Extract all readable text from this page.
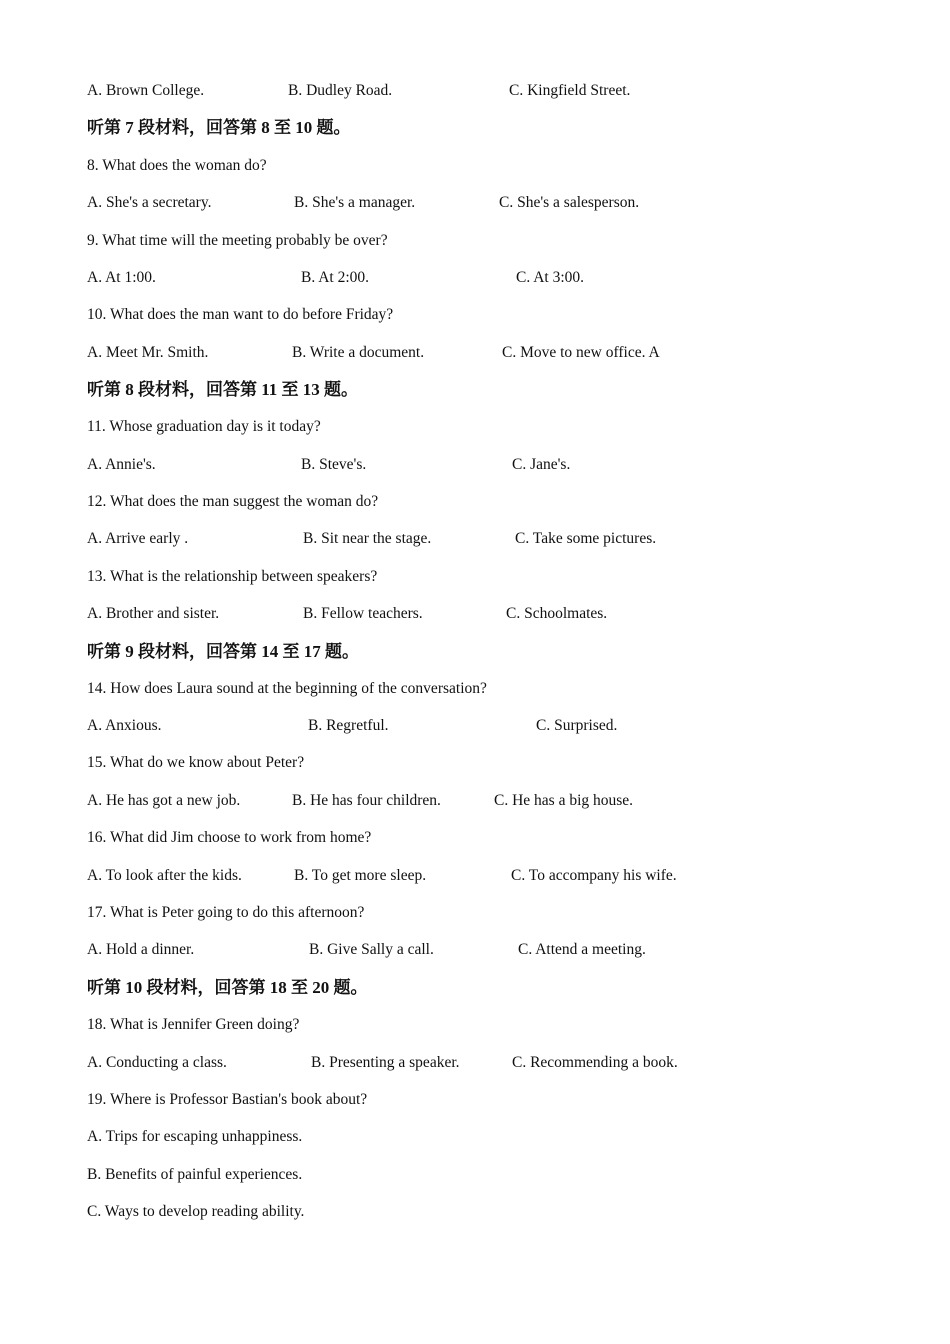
A. Brown College.	B. Dudley Road.	C. Kingfield Street.
听第 7 段材料，回答第 8 至 10 题。
8. What does the woman do?
A. She's a secretary.	B. She's a manager.	C. She's a salesperson.
9. What time will the meeting probably be over?
A. At 1:00.	B. At 2:00.	C. At 3:00.
10. What does the man want to do before Friday?
A. Meet Mr. Smith.	B. Write a document.	C. Move to new office. A
听第 8 段材料，回答第 11 至 13 题。
11. Whose graduation day is it today?
A. Annie's.	B. Steve's.	C. Jane's.
12. What does the man suggest the woman do?
A. Arrive early .	B. Sit near the stage.	C. Take some pictures.
13. What is the relationship between speakers?
A. Brother and sister.	B. Fellow teachers.	C. Schoolmates.
听第 9 段材料，回答第 14 至 17 题。
14. How does Laura sound at the beginning of the conversation?
A. Anxious.	B. Regretful.	C. Surprised.
15. What do we know about Peter?
A. He has got a new job.	B. He has four children.	C. He has a big house.
16. What did Jim choose to work from home?
A. To look after the kids.	B. To get more sleep.	C. To accompany his wife.
17. What is Peter going to do this afternoon?
A. Hold a dinner.	B. Give Sally a call.	C. Attend a meeting.
听第 10 段材料，回答第 18 至 20 题。
18. What is Jennifer Green doing?
A. Conducting a class.	B. Presenting a speaker.	C. Recommending a book.
19. Where is Professor Bastian's book about?
A. Trips for escaping unhappiness.
B. Benefits of painful experiences.
C. Ways to develop reading ability.
